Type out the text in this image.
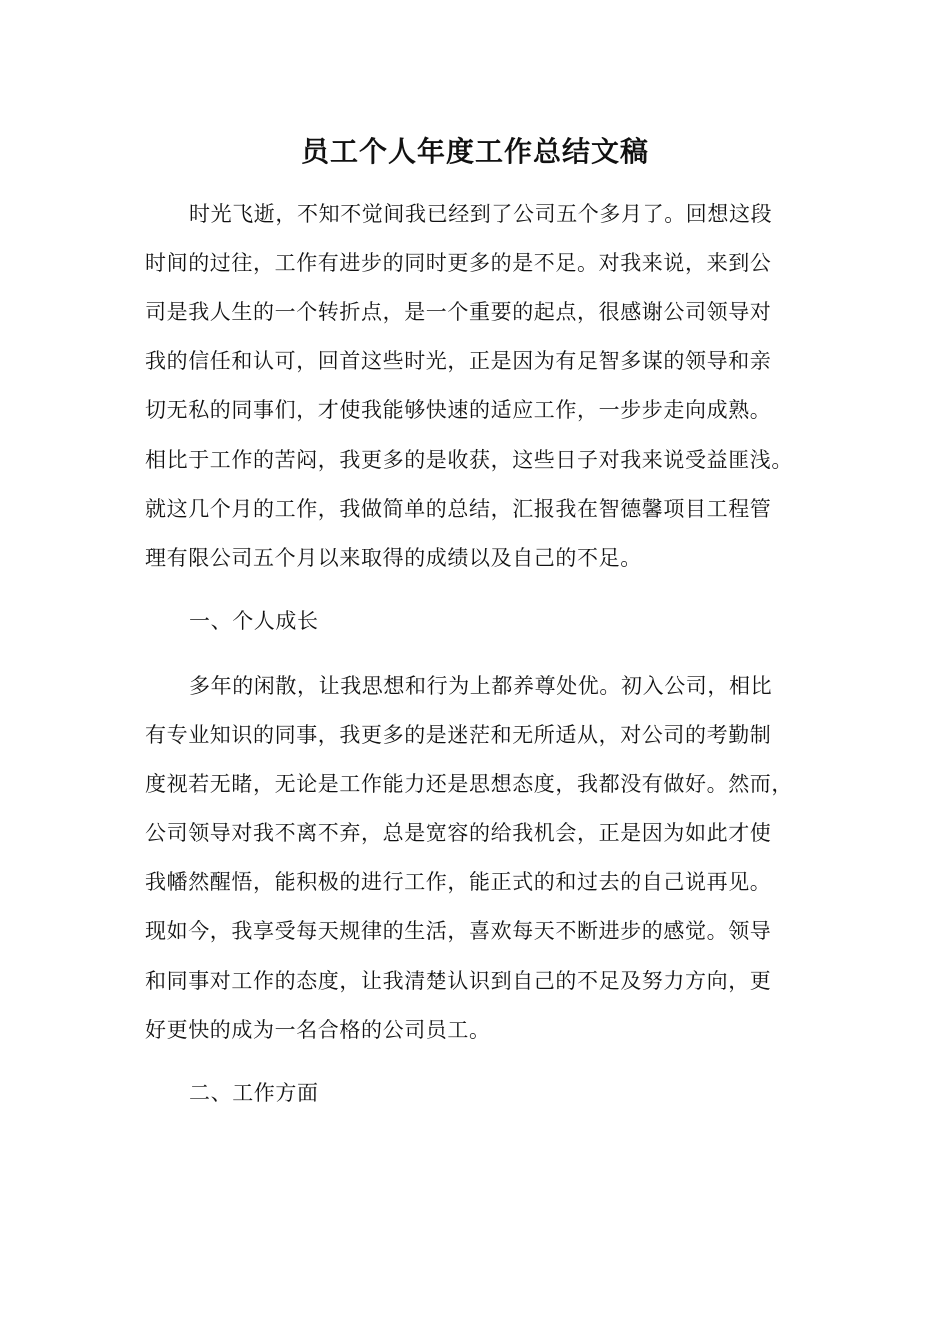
员工个人年度工作总结文稿
时光飞逝，不知不觉间我已经到了公司五个多月了。回想这段
时间的过往，工作有进步的同时更多的是不足。对我来说，来到公
司是我人生的一个转折点，是一个重要的起点，很感谢公司领导对
我的信任和认可，回首这些时光，正是因为有足智多谋的领导和亲
切无私的同事们，才使我能够快速的适应工作，一步步走向成熟。
相比于工作的苦闷，我更多的是收获，这些日子对我来说受益匪浅。
就这几个月的工作，我做简单的总结，汇报我在智德馨项目工程管
理有限公司五个月以来取得的成绩以及自己的不足。
一、个人成长
多年的闲散，让我思想和行为上都养尊处优。初入公司，相比
有专业知识的同事，我更多的是迷茫和无所适从，对公司的考勤制
度视若无睹，无论是工作能力还是思想态度，我都没有做好。然而，
公司领导对我不离不弃，总是宽容的给我机会，正是因为如此才使
我幡然醒悟，能积极的进行工作，能正式的和过去的自己说再见。
现如今，我享受每天规律的生活，喜欢每天不断进步的感觉。领导
和同事对工作的态度，让我清楚认识到自己的不足及努力方向，更
好更快的成为一名合格的公司员工。
二、工作方面
